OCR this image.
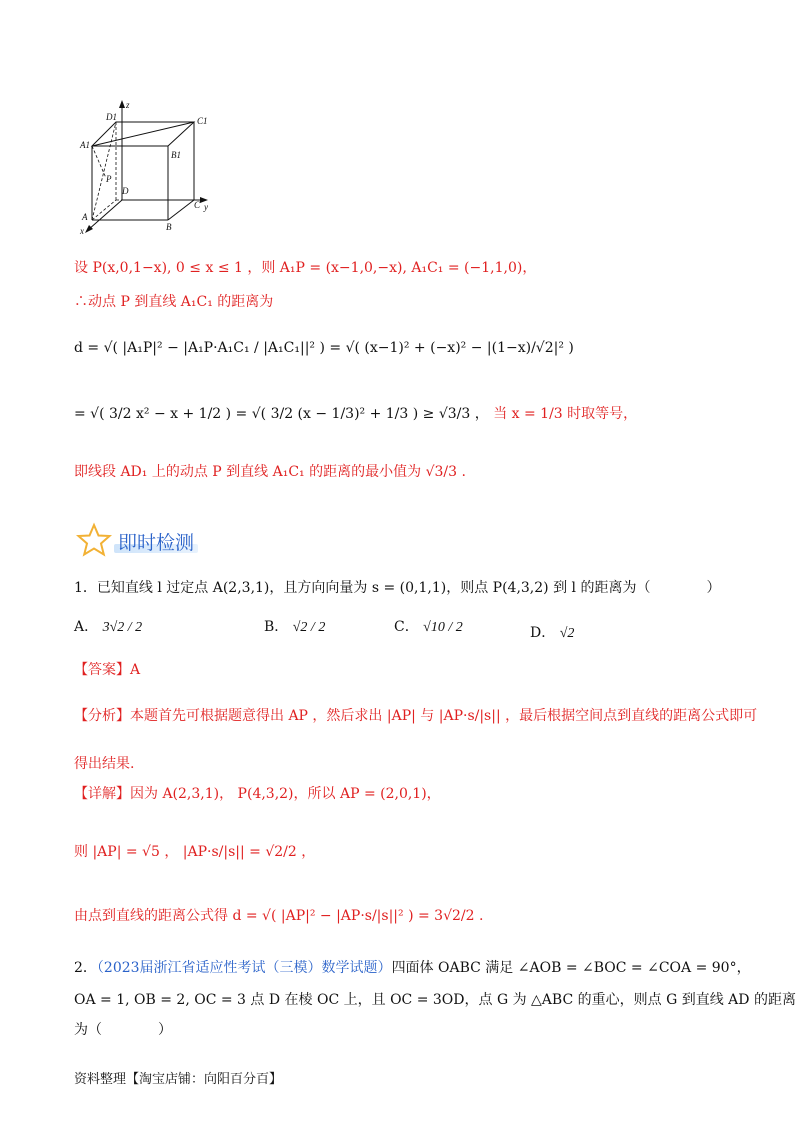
z
D1	C1
A1
B1
P
D
A
B
C y
x
设 P(x,0,1−x), 0 ≤ x ≤ 1 ，则 A₁P = (x−1,0,−x), A₁C₁ = (−1,1,0)，
∴动点 P 到直线 A₁C₁ 的距离为
d = √( |A₁P|² − |A₁P·A₁C₁ / |A₁C₁||² ) = √( (x−1)² + (−x)² − |(1−x)/√2|² )
= √( 3/2 x² − x + 1/2 ) = √( 3/2 (x − 1/3)² + 1/3 ) ≥ √3/3 ， 当 x = 1/3 时取等号，
即线段 AD₁ 上的动点 P 到直线 A₁C₁ 的距离的最小值为 √3/3 .
即时检测
1．已知直线 l 过定点 A(2,3,1)，且方向向量为 s = (0,1,1)，则点 P(4,3,2) 到 l 的距离为（　　　　）
A． 3√2 / 2	B． √2 / 2	C． √10 / 2	D． √2
【答案】A
【分析】本题首先可根据题意得出 AP ，然后求出 |AP| 与 |AP·s/|s|| ，最后根据空间点到直线的距离公式即可
得出结果.
【详解】因为 A(2,3,1)， P(4,3,2)，所以 AP = (2,0,1)，
则 |AP| = √5 ， |AP·s/|s|| = √2/2 ，
由点到直线的距离公式得 d = √( |AP|² − |AP·s/|s||² ) = 3√2/2 .
2．（2023届浙江省适应性考试（三模）数学试题）四面体 OABC 满足 ∠AOB = ∠BOC = ∠COA = 90°，
OA = 1, OB = 2, OC = 3 点 D 在棱 OC 上，且 OC = 3OD，点 G 为 △ABC 的重心，则点 G 到直线 AD 的距离
为（　　　　）
资料整理【淘宝店铺：向阳百分百】
